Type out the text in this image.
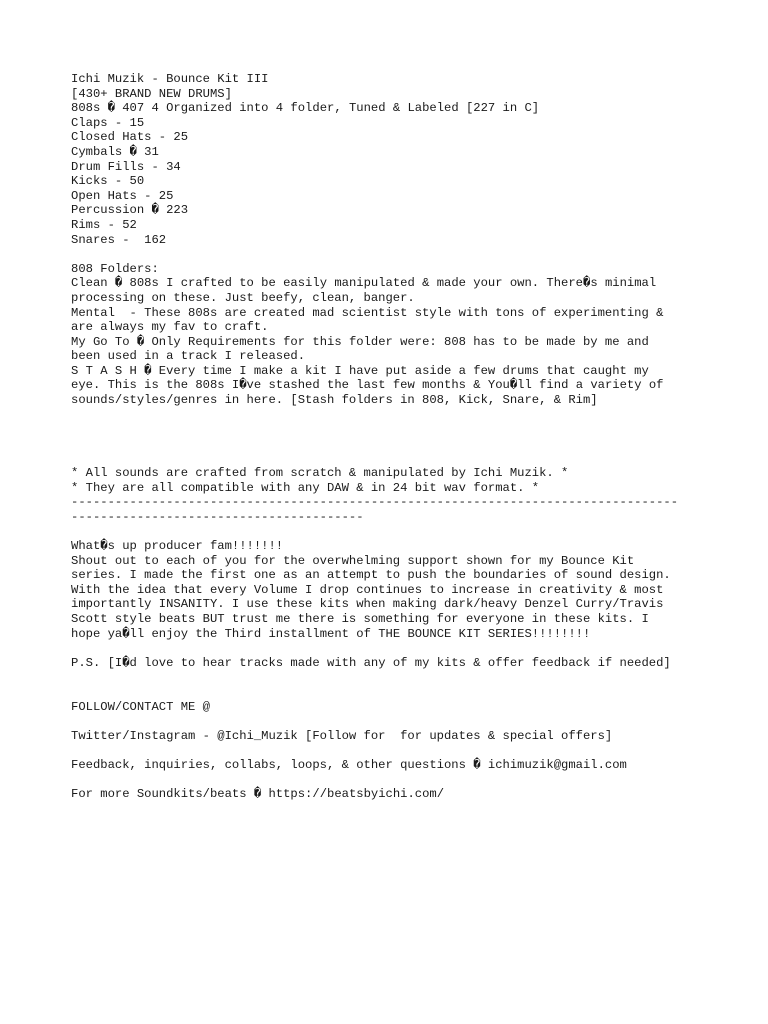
Ichi Muzik - Bounce Kit III
[430+ BRAND NEW DRUMS]
808s � 407 4 Organized into 4 folder, Tuned & Labeled [227 in C]
Claps - 15
Closed Hats - 25
Cymbals � 31
Drum Fills - 34
Kicks - 50
Open Hats - 25
Percussion � 223
Rims - 52
Snares -  162
808 Folders:
Clean � 808s I crafted to be easily manipulated & made your own. There�s minimal
processing on these. Just beefy, clean, banger.
Mental  - These 808s are created mad scientist style with tons of experimenting &
are always my fav to craft.
My Go To � Only Requirements for this folder were: 808 has to be made by me and
been used in a track I released.
S T A S H � Every time I make a kit I have put aside a few drums that caught my
eye. This is the 808s I�ve stashed the last few months & You�ll find a variety of
sounds/styles/genres in here. [Stash folders in 808, Kick, Snare, & Rim]
* All sounds are crafted from scratch & manipulated by Ichi Muzik. *
* They are all compatible with any DAW & in 24 bit wav format. *
-----------------------------------------------------------------------------------
----------------------------------------
What�s up producer fam!!!!!!!
Shout out to each of you for the overwhelming support shown for my Bounce Kit
series. I made the first one as an attempt to push the boundaries of sound design.
With the idea that every Volume I drop continues to increase in creativity & most
importantly INSANITY. I use these kits when making dark/heavy Denzel Curry/Travis
Scott style beats BUT trust me there is something for everyone in these kits. I
hope ya�ll enjoy the Third installment of THE BOUNCE KIT SERIES!!!!!!!!
P.S. [I�d love to hear tracks made with any of my kits & offer feedback if needed]
FOLLOW/CONTACT ME @
Twitter/Instagram - @Ichi_Muzik [Follow for  for updates & special offers]
Feedback, inquiries, collabs, loops, & other questions � ichimuzik@gmail.com
For more Soundkits/beats � https://beatsbyichi.com/
